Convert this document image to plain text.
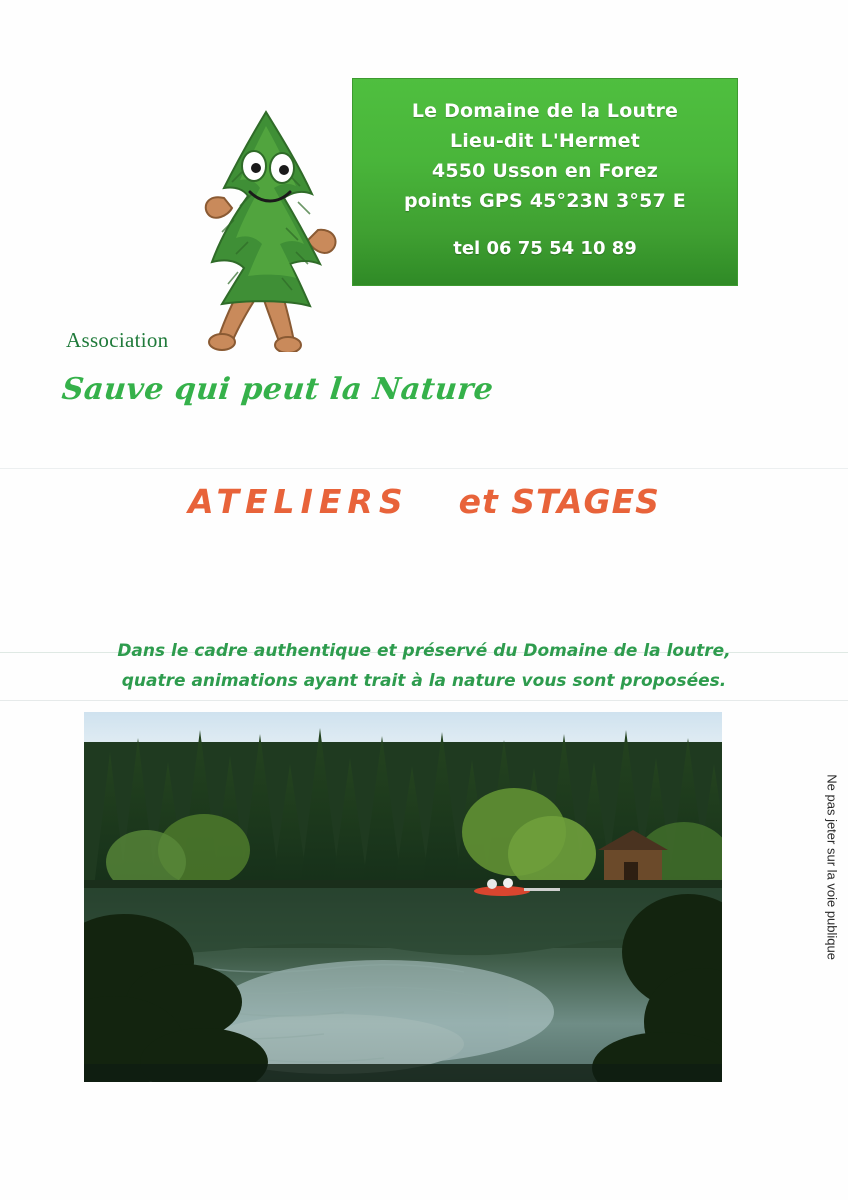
Le Domaine de la Loutre
Lieu-dit L'Hermet
4550 Usson en Forez
points GPS 45°23N 3°57 E
tel 06 75 54 10 89
Association
Sauve qui peut la Nature
ATELIERS et STAGES
Dans le cadre authentique et préservé du Domaine de la loutre,
quatre animations ayant trait à la nature vous sont proposées.
Ne pas jeter sur la voie publique
